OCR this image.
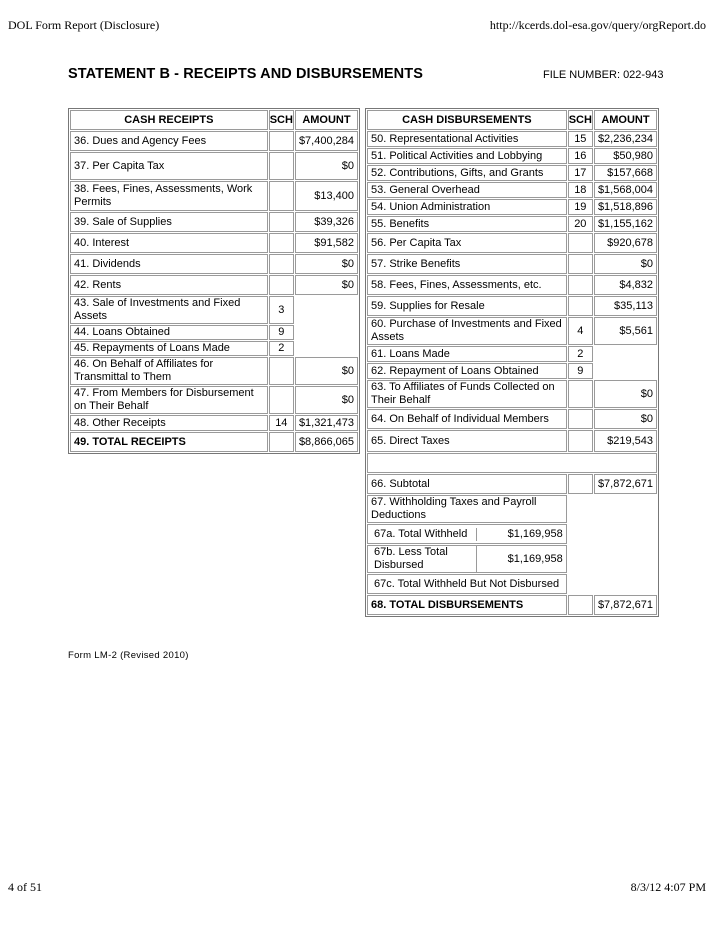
DOL Form Report (Disclosure)	http://kcerds.dol-esa.gov/query/orgReport.do
STATEMENT B - RECEIPTS AND DISBURSEMENTS	FILE NUMBER: 022-943
CASH RECEIPTS	SCH	AMOUNT
36. Dues and Agency Fees		$7,400,284
37. Per Capita Tax		$0
38. Fees, Fines, Assessments, Work Permits		$13,400
39. Sale of Supplies		$39,326
40. Interest		$91,582
41. Dividends		$0
42. Rents		$0
43. Sale of Investments and Fixed Assets	3	
44. Loans Obtained	9	
45. Repayments of Loans Made	2	
46. On Behalf of Affiliates for Transmittal to Them		$0
47. From Members for Disbursement on Their Behalf		$0
48. Other Receipts	14	$1,321,473
49. TOTAL RECEIPTS		$8,866,065
CASH DISBURSEMENTS	SCH	AMOUNT
50. Representational Activities	15	$2,236,234
51. Political Activities and Lobbying	16	$50,980
52. Contributions, Gifts, and Grants	17	$157,668
53. General Overhead	18	$1,568,004
54. Union Administration	19	$1,518,896
55. Benefits	20	$1,155,162
56. Per Capita Tax		$920,678
57. Strike Benefits		$0
58. Fees, Fines, Assessments, etc.		$4,832
59. Supplies for Resale		$35,113
60. Purchase of Investments and Fixed Assets	4	$5,561
61. Loans Made	2	
62. Repayment of Loans Obtained	9
63. To Affiliates of Funds Collected on Their Behalf		$0
64. On Behalf of Individual Members		$0
65. Direct Taxes		$219,543

66. Subtotal		$7,872,671
67. Withholding Taxes and Payroll Deductions	

67a. Total Withheld	$1,169,958

67b. Less Total Disbursed	$1,169,958

67c. Total Withheld But Not Disbursed
68. TOTAL DISBURSEMENTS		$7,872,671
Form LM-2 (Revised 2010)
4 of 51	8/3/12 4:07 PM
